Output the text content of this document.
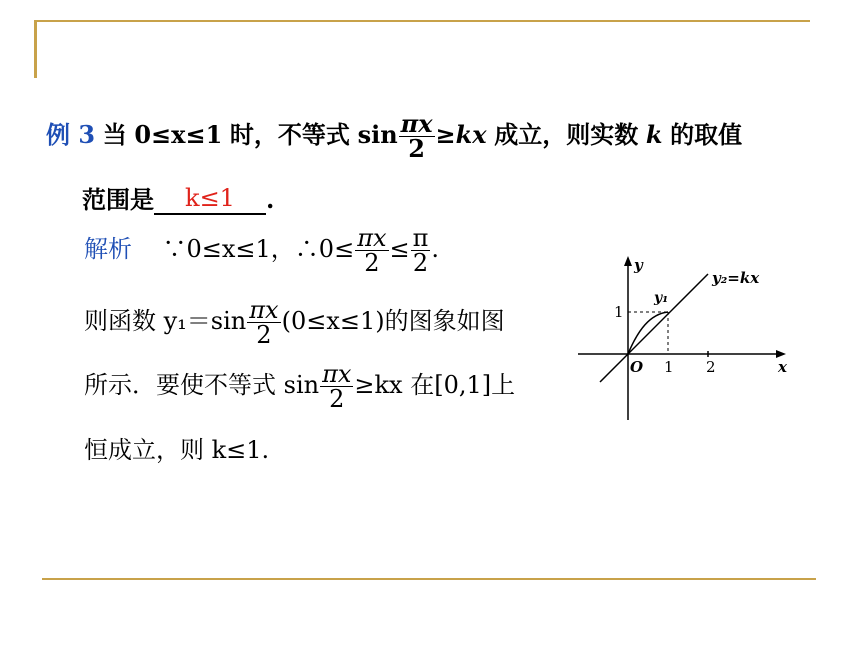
例 3 当 0≤x≤1 时，不等式 $\sin \frac{\pi x}{2} \ge kx$ 成立，则实数 k 的取值
范围是 k≤1 .
解析 ∵0≤x≤1，∴0≤ $\frac{\pi x}{2} \le \frac{\pi}{2}$ .
则函数 $y_1=\sin \frac{\pi x}{2} (0\le x\le 1)$的图象如图
所示．要使不等式 $\sin \frac{\pi x}{2} \ge kx$ 在[0,1]上
恒成立，则 k≤1.
y
x
O 1 2
1
y₁
y₂=kx
